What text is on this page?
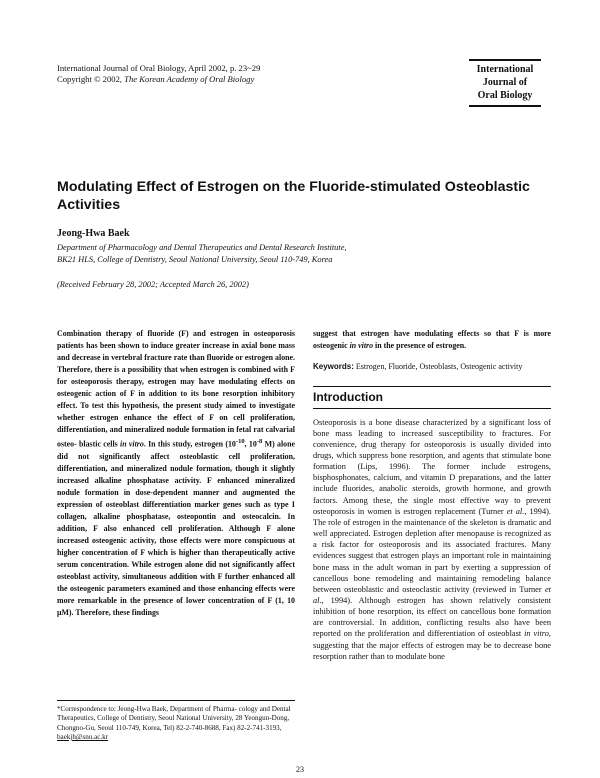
International Journal of Oral Biology, April 2002, p. 23~29
Copyright © 2002, The Korean Academy of Oral Biology
International
Journal of
Oral Biology
Modulating Effect of Estrogen on the Fluoride-stimulated Osteoblastic Activities
Jeong-Hwa Baek
Department of Pharmacology and Dental Therapeutics and Dental Research Institute,
BK21 HLS, College of Dentistry, Seoul National University, Seoul 110-749, Korea
(Received February 28, 2002; Accepted March 26, 2002)

Combination therapy of fluoride (F) and estrogen in osteoporosis patients has been shown to induce greater increase in axial bone mass and decrease in vertebral fracture rate than fluoride or estrogen alone. Therefore, there is a possibility that when estrogen is combined with F for osteoporosis therapy, estrogen may have modulating effects on osteogenic action of F in addition to its bone resorption inhibitory effect. To test this hypothesis, the present study aimed to investigate whether estrogen enhance the effect of F on cell proliferation, differentiation, and mineralized nodule formation in fetal rat calvarial osteo- blastic cells in vitro. In this study, estrogen ($10^{-10}$, $10^{-8}$ M) alone did not significantly affect osteoblastic cell proliferation, differentiation, and mineralized nodule formation, though it slightly increased alkaline phosphatase activity. F enhanced mineralized nodule formation in dose-dependent manner and augmented the expression of osteoblast differentiation marker genes such as type I collagen, alkaline phosphatase, osteopontin and osteocalcin. In addition, F also enhanced cell proliferation. Although F alone increased osteogenic activity, those effects were more conspicuous at higher concentration of F which is higher than therapeutically active serum concentration. While estrogen alone did not significantly affect osteoblast activity, simultaneous addition with F further enhanced all the osteogenic parameters examined and those enhancing effects were more remarkable in the presence of lower concentration of F (1, 10 μM). Therefore, these findings

suggest that estrogen have modulating effects so that F is more osteogenic in vitro in the presence of estrogen.

Keywords: Estrogen, Fluoride, Osteoblasts, Osteogenic activity
Introduction

Osteoporosis is a bone disease characterized by a significant loss of bone mass leading to increased susceptibility to fractures. For convenience, drug therapy for osteoporosis is usually divided into drugs, which suppress bone resorption, and agents that stimulate bone formation (Lips, 1996). The former include estrogens, bisphosphonates, calcium, and vitamin D preparations, and the latter include fluorides, anabolic steroids, growth hormone, and growth factors. Among these, the single most effective way to prevent osteoporosis in women is estrogen replacement (Turner et al., 1994). The role of estrogen in the maintenance of the skeleton is dramatic and well appreciated. Estrogen depletion after menopause is recognized as a risk factor for osteoporosis and its associated fractures. Many evidences suggest that estrogen plays an important role in maintaining bone mass in the adult woman in part by exerting a suppression of cancellous bone remodeling and maintaining remodeling balance between osteoblastic and osteoclastic activity (reviewed in Turner et al., 1994). Although estrogen has shown relatively consistent inhibition of bone resorption, its effect on cancellous bone formation are controversial. In addition, conflicting results also have been reported on the proliferation and differentiation of osteoblast in vitro, suggesting that the major effects of estrogen may be to decrease bone resorption rather than to modulate bone

*Correspondence to: Jeong-Hwa Baek, Department of Pharma- cology and Dental Therapeutics, College of Dentistry, Seoul National University, 28 Yeongun-Dong, Chongno-Gu, Seoul 110-749, Korea, Tel) 82-2-740-8688, Fax) 82-2-741-3193, baekjh@snu.ac.kr
23
